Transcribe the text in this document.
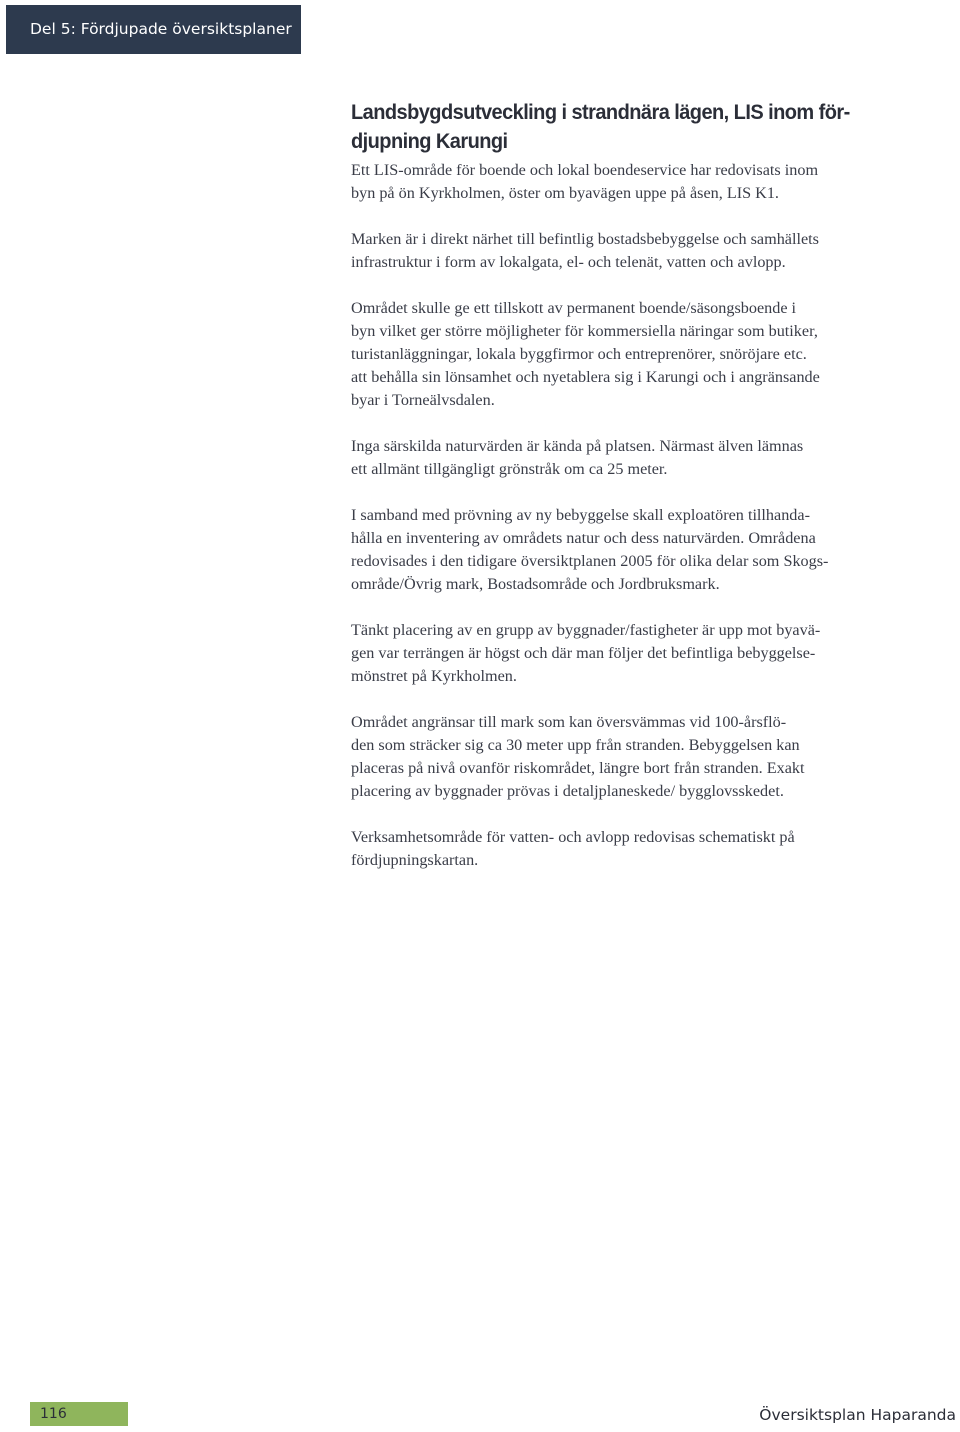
Del 5: Fördjupade översiktsplaner
Landsbygdsutveckling i strandnära lägen, LIS inom för-
djupning Karungi

Ett LIS-område för boende och lokal boendeservice har redovisats inom
byn på ön Kyrkholmen, öster om byavägen uppe på åsen, LIS K1.

Marken är i direkt närhet till befintlig bostadsbebyggelse och samhällets
infrastruktur i form av lokalgata, el- och telenät, vatten och avlopp.

Området skulle ge ett tillskott av permanent boende/säsongsboende i
byn vilket ger större möjligheter för kommersiella näringar som butiker,
turistanläggningar, lokala byggfirmor och entreprenörer, snöröjare etc.
att behålla sin lönsamhet och nyetablera sig i Karungi och i angränsande
byar i Torneälvsdalen.

Inga särskilda naturvärden är kända på platsen. Närmast älven lämnas
ett allmänt tillgängligt grönstråk om ca 25 meter.

I samband med prövning av ny bebyggelse skall exploatören tillhanda-
hålla en inventering av områdets natur och dess naturvärden. Områdena
redovisades i den tidigare översiktplanen 2005 för olika delar som Skogs-
område/Övrig mark, Bostadsområde och Jordbruksmark.

Tänkt placering av en grupp av byggnader/fastigheter är upp mot byavä-
gen var terrängen är högst och där man följer det befintliga bebyggelse-
mönstret på Kyrkholmen.

Området angränsar till mark som kan översvämmas vid 100-årsflö-
den som sträcker sig ca 30 meter upp från stranden. Bebyggelsen kan
placeras på nivå ovanför riskområdet, längre bort från stranden. Exakt
placering av byggnader prövas i detaljplaneskede/ bygglovsskedet.

Verksamhetsområde för vatten- och avlopp redovisas schematiskt på
fördjupningskartan.

116	Översiktsplan Haparanda
